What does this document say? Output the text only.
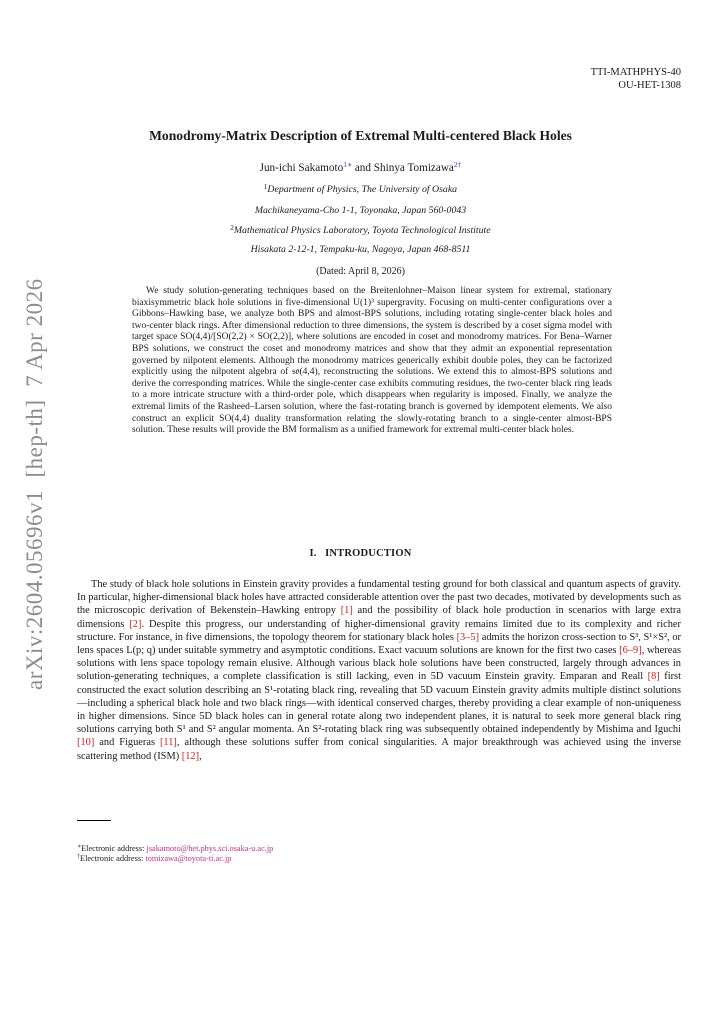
TTI-MATHPHYS-40
OU-HET-1308
arXiv:2604.05696v1  [hep-th]  7 Apr 2026
Monodromy-Matrix Description of Extremal Multi-centered Black Holes
Jun-ichi Sakamoto$^{1∗}$ and Shinya Tomizawa$^{2\dagger}$
$^1$Department of Physics, The University of Osaka
Machikaneyama-Cho 1-1, Toyonaka, Japan 560-0043
$^2$Mathematical Physics Laboratory, Toyota Technological Institute
Hisakata 2-12-1, Tempaku-ku, Nagoya, Japan 468-8511
(Dated: April 8, 2026)
We study solution-generating techniques based on the Breitenlohner–Maison linear system for extremal, stationary biaxisymmetric black hole solutions in five-dimensional U(1)³ supergravity. Focusing on multi-center configurations over a Gibbons–Hawking base, we analyze both BPS and almost-BPS solutions, including rotating single-center black holes and two-center black rings. After dimensional reduction to three dimensions, the system is described by a coset sigma model with target space SO(4,4)/[SO(2,2) × SO(2,2)], where solutions are encoded in coset and monodromy matrices. For Bena–Warner BPS solutions, we construct the coset and monodromy matrices and show that they admit an exponential representation governed by nilpotent elements. Although the monodromy matrices generically exhibit double poles, they can be factorized explicitly using the nilpotent algebra of 𝔰𝔬(4,4), reconstructing the solutions. We extend this to almost-BPS solutions and derive the corresponding matrices. While the single-center case exhibits commuting residues, the two-center black ring leads to a more intricate structure with a third-order pole, which disappears when regularity is imposed. Finally, we analyze the extremal limits of the Rasheed–Larsen solution, where the fast-rotating branch is governed by idempotent elements. We also construct an explicit SO(4,4) duality transformation relating the slowly-rotating branch to a single-center almost-BPS solution. These results will provide the BM formalism as a unified framework for extremal multi-center black holes.
I.   INTRODUCTION
The study of black hole solutions in Einstein gravity provides a fundamental testing ground for both classical and quantum aspects of gravity. In particular, higher-dimensional black holes have attracted considerable attention over the past two decades, motivated by developments such as the microscopic derivation of Bekenstein–Hawking entropy [1] and the possibility of black hole production in scenarios with large extra dimensions [2]. Despite this progress, our understanding of higher-dimensional gravity remains limited due to its complexity and richer structure. For instance, in five dimensions, the topology theorem for stationary black holes [3–5] admits the horizon cross-section to S³, S¹×S², or lens spaces L(p; q) under suitable symmetry and asymptotic conditions. Exact vacuum solutions are known for the first two cases [6–9], whereas solutions with lens space topology remain elusive. Although various black hole solutions have been constructed, largely through advances in solution-generating techniques, a complete classification is still lacking, even in 5D vacuum Einstein gravity. Emparan and Reall [8] first constructed the exact solution describing an S¹-rotating black ring, revealing that 5D vacuum Einstein gravity admits multiple distinct solutions—including a spherical black hole and two black rings—with identical conserved charges, thereby providing a clear example of non-uniqueness in higher dimensions. Since 5D black holes can in general rotate along two independent planes, it is natural to seek more general black ring solutions carrying both S¹ and S² angular momenta. An S²-rotating black ring was subsequently obtained independently by Mishima and Iguchi [10] and Figueras [11], although these solutions suffer from conical singularities. A major breakthrough was achieved using the inverse scattering method (ISM) [12],
∗Electronic address: jsakamoto@het.phys.sci.osaka-u.ac.jp
†Electronic address: tomizawa@toyota-ti.ac.jp
